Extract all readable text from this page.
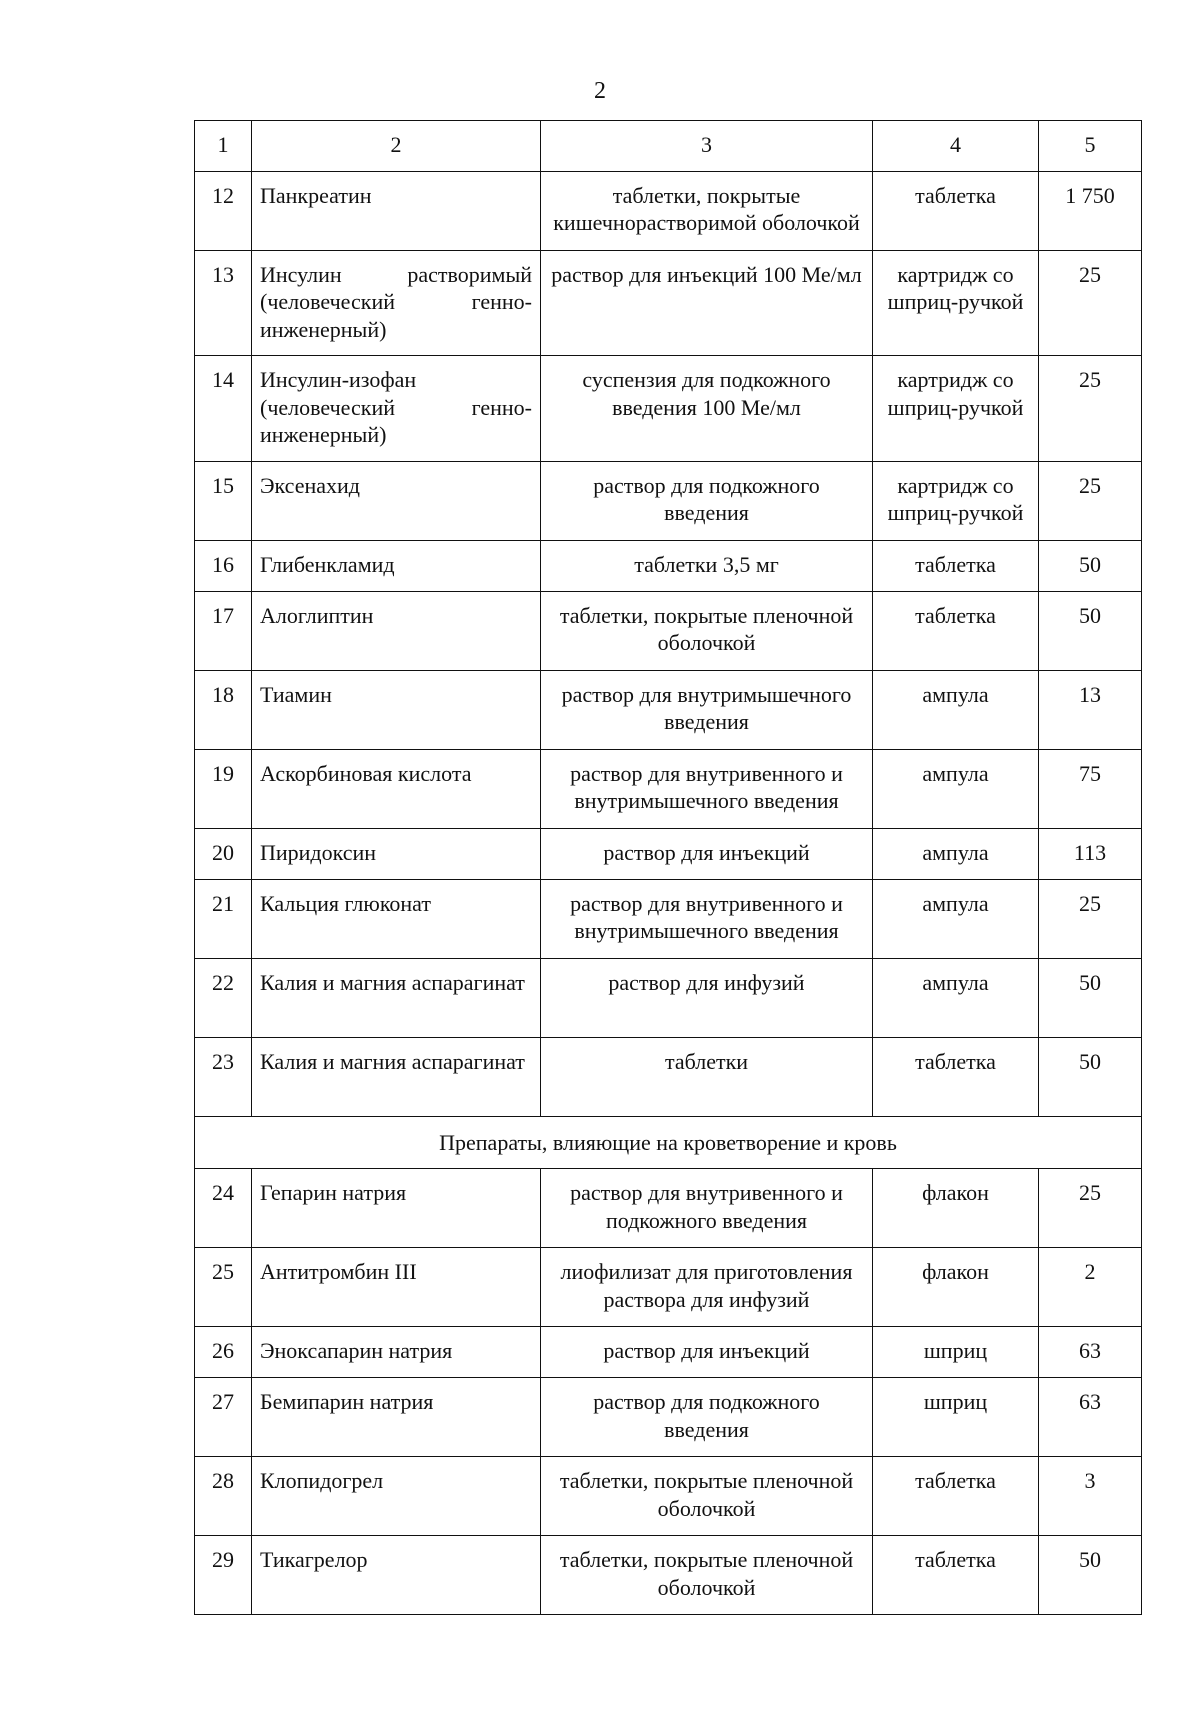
2
1	2	3	4	5
12	Панкреатин	таблетки, покрытые кишечнорастворимой оболочкой	таблетка	1 750
13	Инсулин растворимый (человеческий генно-инженерный)	раствор для инъекций 100 Ме/мл	картридж со шприц-ручкой	25
14	Инсулин-изофан (человеческий генно-инженерный)	суспензия для подкожного введения 100 Ме/мл	картридж со шприц-ручкой	25
15	Эксенахид	раствор для подкожного введения	картридж со шприц-ручкой	25
16	Глибенкламид	таблетки 3,5 мг	таблетка	50
17	Алоглиптин	таблетки, покрытые пленочной оболочкой	таблетка	50
18	Тиамин	раствор для внутримышечного введения	ампула	13
19	Аскорбиновая кислота	раствор для внутривенного и внутримышечного введения	ампула	75
20	Пиридоксин	раствор для инъекций	ампула	113
21	Кальция глюконат	раствор для внутривенного и внутримышечного введения	ампула	25
22	Калия и магния аспарагинат	раствор для инфузий	ампула	50
23	Калия и магния аспарагинат	таблетки	таблетка	50
Препараты, влияющие на кроветворение и кровь				
24	Гепарин натрия	раствор для внутривенного и подкожного введения	флакон	25
25	Антитромбин III	лиофилизат для приготовления раствора для инфузий	флакон	2
26	Эноксапарин натрия	раствор для инъекций	шприц	63
27	Бемипарин натрия	раствор для подкожного введения	шприц	63
28	Клопидогрел	таблетки, покрытые пленочной оболочкой	таблетка	3
29	Тикагрелор	таблетки, покрытые пленочной оболочкой	таблетка	50
